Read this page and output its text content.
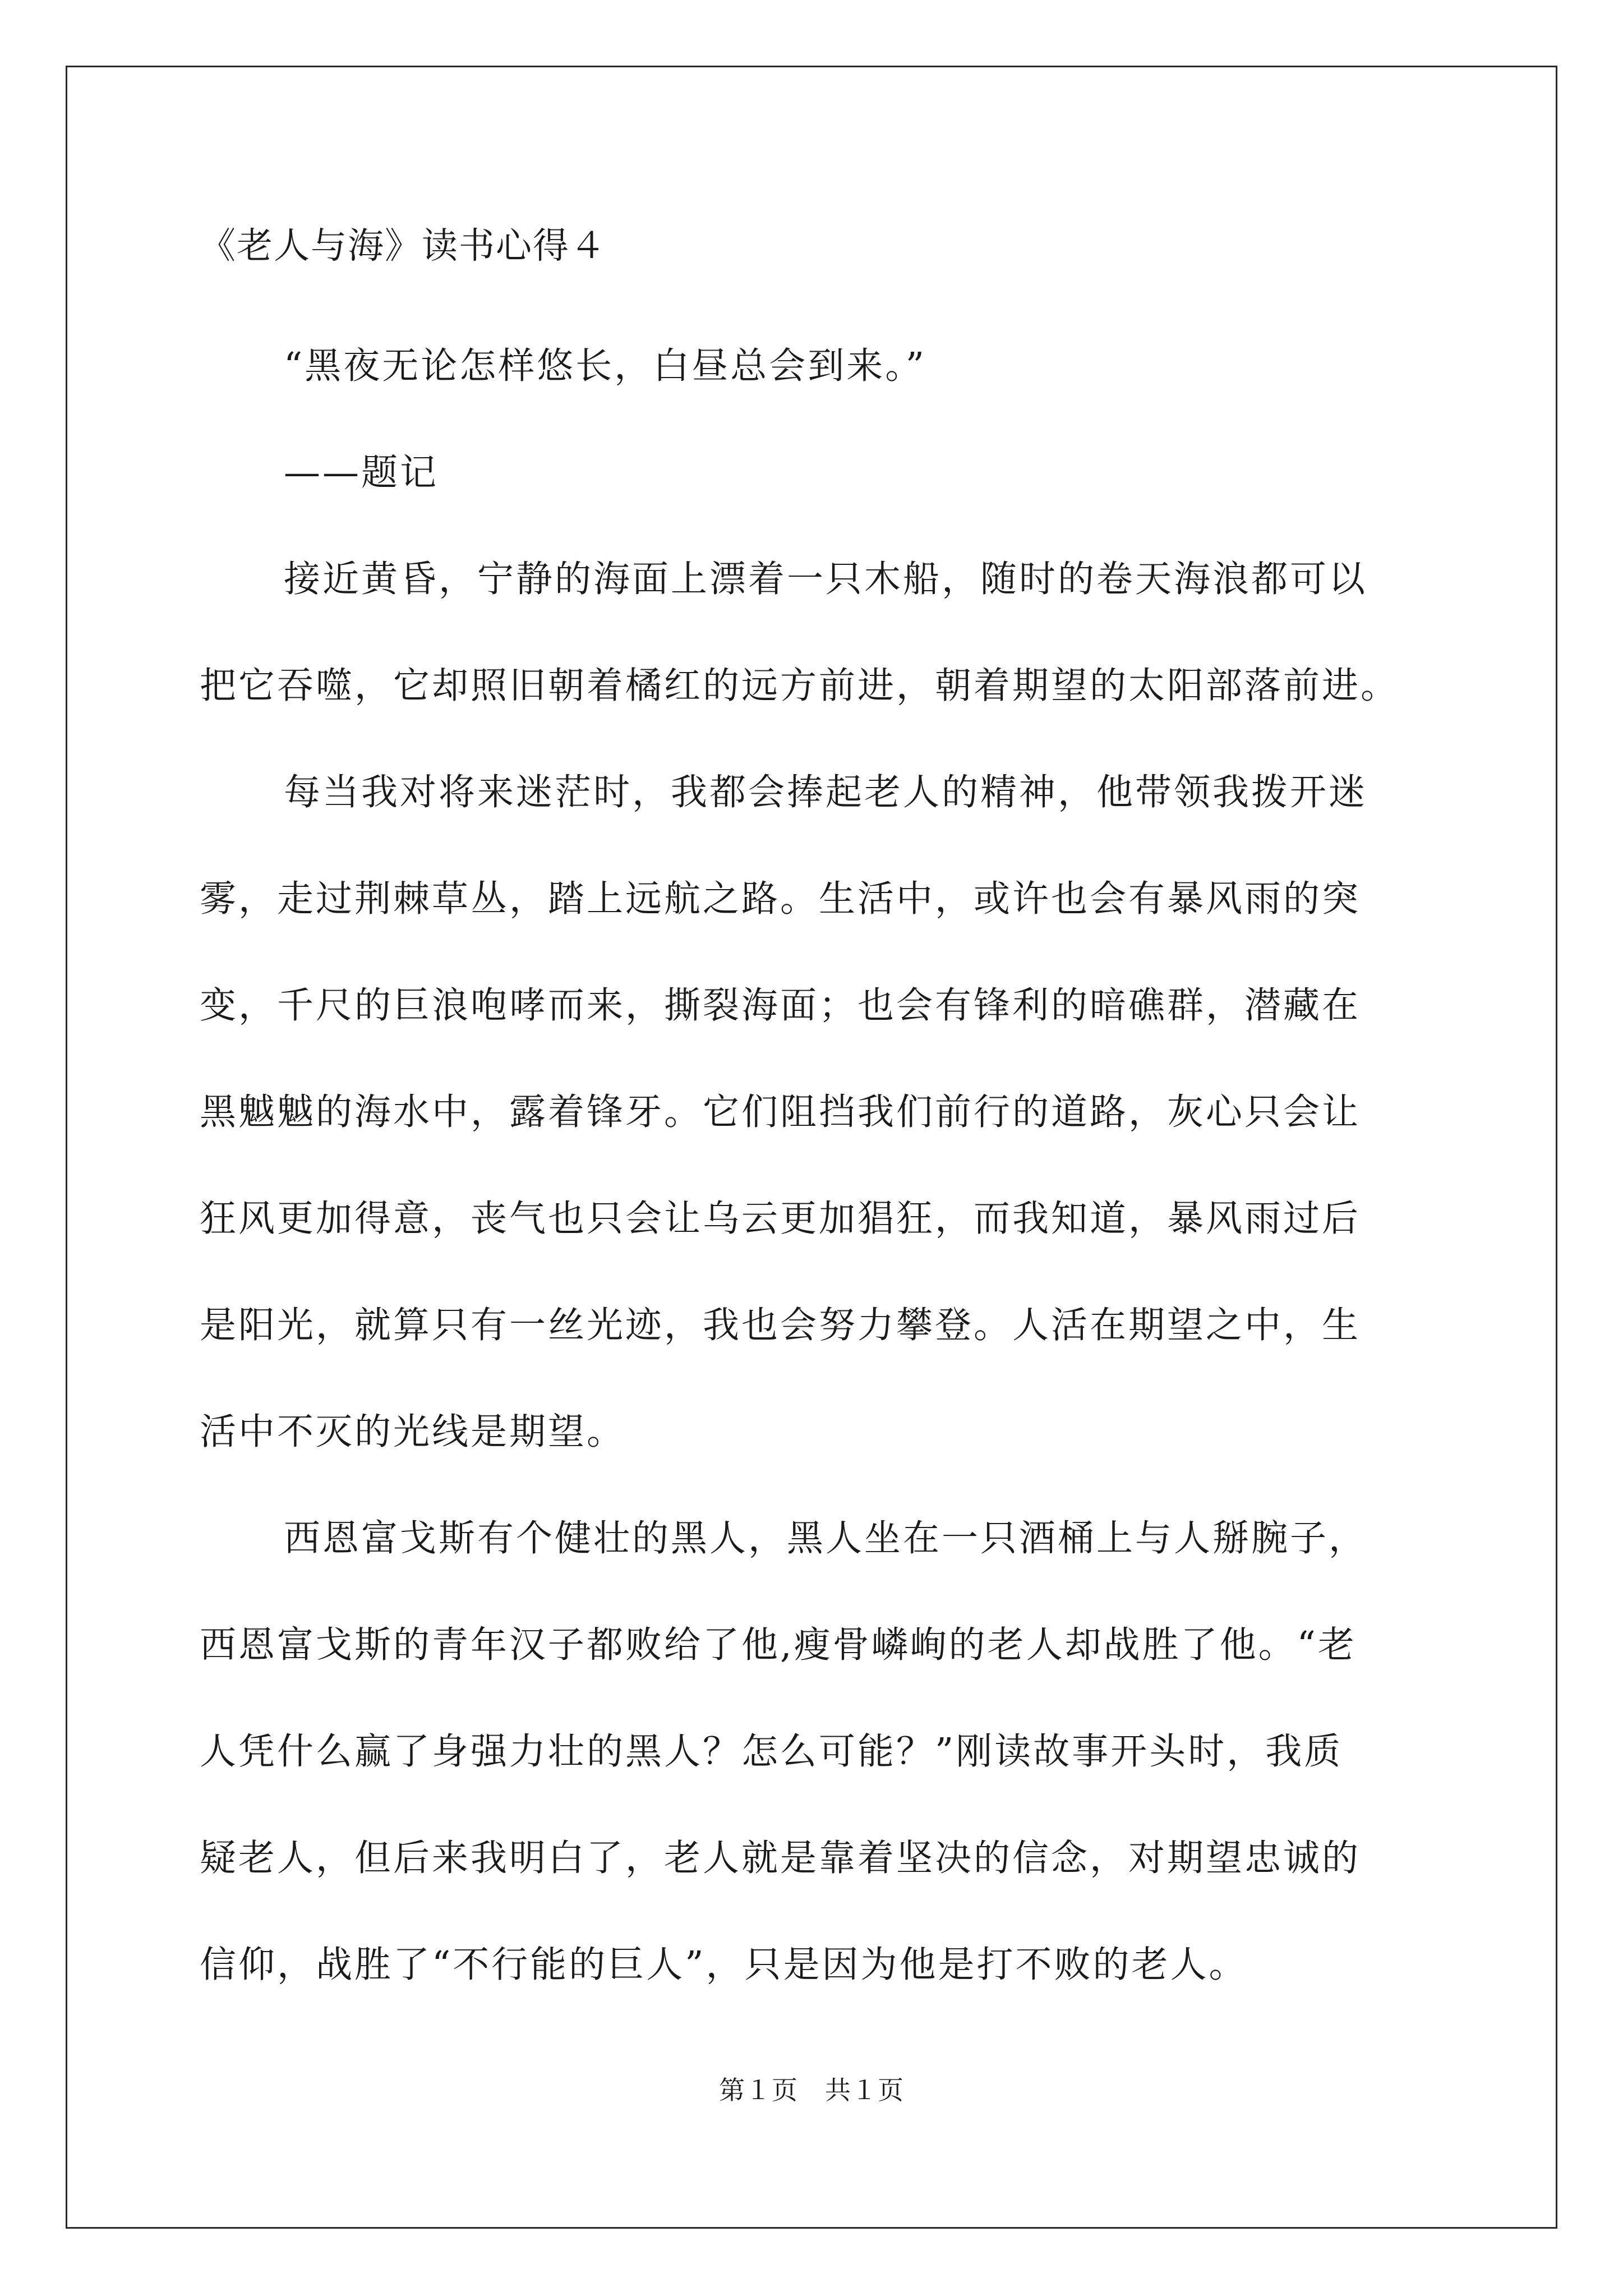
《老人与海》读书心得４

“黑夜无论怎样悠长，白昼总会到来。”

——题记

接近黄昏，宁静的海面上漂着一只木船，随时的卷天海浪都可以

把它吞噬，它却照旧朝着橘红的远方前进，朝着期望的太阳部落前进。

每当我对将来迷茫时，我都会捧起老人的精神，他带领我拨开迷

雾，走过荆棘草丛，踏上远航之路。生活中，或许也会有暴风雨的突

变，千尺的巨浪咆哮而来，撕裂海面；也会有锋利的暗礁群，潜藏在

黑魆魆的海水中，露着锋牙。它们阻挡我们前行的道路，灰心只会让

狂风更加得意，丧气也只会让乌云更加猖狂，而我知道，暴风雨过后

是阳光，就算只有一丝光迹，我也会努力攀登。人活在期望之中，生

活中不灭的光线是期望。

西恩富戈斯有个健壮的黑人，黑人坐在一只酒桶上与人掰腕子，

西恩富戈斯的青年汉子都败给了他,瘦骨嶙峋的老人却战胜了他。“老

人凭什么赢了身强力壮的黑人？怎么可能？”刚读故事开头时，我质

疑老人，但后来我明白了，老人就是靠着坚决的信念，对期望忠诚的

信仰，战胜了“不行能的巨人”，只是因为他是打不败的老人。

第１页 共１页
